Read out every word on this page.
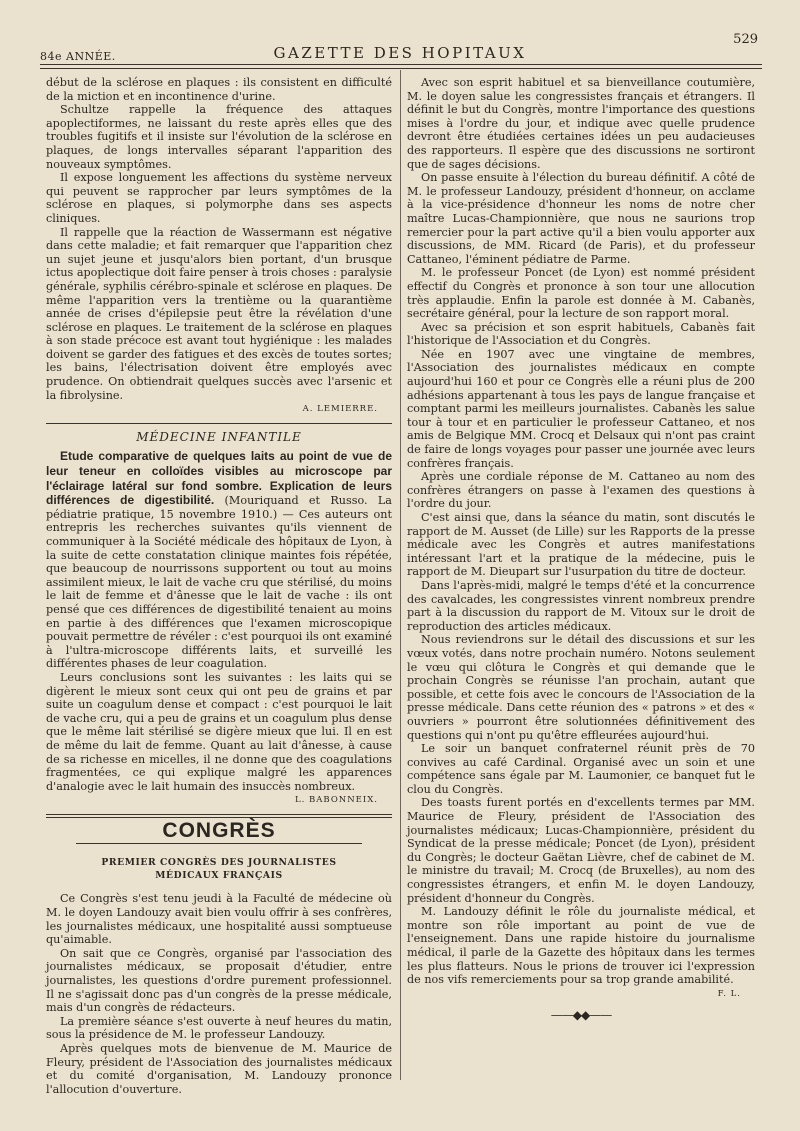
84e ANNÉE.	GAZETTE DES HOPITAUX
529

début de la sclérose en plaques : ils consistent en difficulté de la miction et en incontinence d'urine.

Schultze rappelle la fréquence des attaques apoplectiformes, ne laissant du reste après elles que des troubles fugitifs et il insiste sur l'évolution de la sclérose en plaques, de longs intervalles séparant l'apparition des nouveaux symptômes.

Il expose longuement les affections du système nerveux qui peuvent se rapprocher par leurs symptômes de la sclérose en plaques, si polymorphe dans ses aspects cliniques.

Il rappelle que la réaction de Wassermann est négative dans cette maladie; et fait remarquer que l'apparition chez un sujet jeune et jusqu'alors bien portant, d'un brusque ictus apoplectique doit faire penser à trois choses : paralysie générale, syphilis cérébro-spinale et sclérose en plaques. De même l'apparition vers la trentième ou la quarantième année de crises d'épilepsie peut être la révélation d'une sclérose en plaques. Le traitement de la sclérose en plaques à son stade précoce est avant tout hygiénique : les malades doivent se garder des fatigues et des excès de toutes sortes; les bains, l'électrisation doivent être employés avec prudence. On obtiendrait quelques succès avec l'arsenic et la fibrolysine.

A. LEMIERRE.
MÉDECINE INFANTILE

Etude comparative de quelques laits au point de vue de leur teneur en colloïdes visibles au microscope par l'éclairage latéral sur fond sombre. Explication de leurs différences de digestibilité. (Mouriquand et Russo. La pédiatrie pratique, 15 novembre 1910.) — Ces auteurs ont entrepris les recherches suivantes qu'ils viennent de communiquer à la Société médicale des hôpitaux de Lyon, à la suite de cette constatation clinique maintes fois répétée, que beaucoup de nourrissons supportent ou tout au moins assimilent mieux, le lait de vache cru que stérilisé, du moins le lait de femme et d'ânesse que le lait de vache : ils ont pensé que ces différences de digestibilité tenaient au moins en partie à des différences que l'examen microscopique pouvait permettre de révéler : c'est pourquoi ils ont examiné à l'ultra-microscope différents laits, et surveillé les différentes phases de leur coagulation.

Leurs conclusions sont les suivantes : les laits qui se digèrent le mieux sont ceux qui ont peu de grains et par suite un coagulum dense et compact : c'est pourquoi le lait de vache cru, qui a peu de grains et un coagulum plus dense que le même lait stérilisé se digère mieux que lui. Il en est de même du lait de femme. Quant au lait d'ânesse, à cause de sa richesse en micelles, il ne donne que des coagulations fragmentées, ce qui explique malgré les apparences d'analogie avec le lait humain des insuccès nombreux.

L. BABONNEIX.
CONGRÈS
PREMIER CONGRÈS DES JOURNALISTES
MÉDICAUX FRANÇAIS

Ce Congrès s'est tenu jeudi à la Faculté de médecine où M. le doyen Landouzy avait bien voulu offrir à ses confrères, les journalistes médicaux, une hospitalité aussi somptueuse qu'aimable.

On sait que ce Congrès, organisé par l'association des journalistes médicaux, se proposait d'étudier, entre journalistes, les questions d'ordre purement professionnel. Il ne s'agissait donc pas d'un congrès de la presse médicale, mais d'un congrès de rédacteurs.

La première séance s'est ouverte à neuf heures du matin, sous la présidence de M. le professeur Landouzy.

Après quelques mots de bienvenue de M. Maurice de Fleury, président de l'Association des journalistes médicaux et du comité d'organisation, M. Landouzy prononce l'allocution d'ouverture.

Avec son esprit habituel et sa bienveillance coutumière, M. le doyen salue les congressistes français et étrangers. Il définit le but du Congrès, montre l'importance des questions mises à l'ordre du jour, et indique avec quelle prudence devront être étudiées certaines idées un peu audacieuses des rapporteurs. Il espère que des discussions ne sortiront que de sages décisions.

On passe ensuite à l'élection du bureau définitif. A côté de M. le professeur Landouzy, président d'honneur, on acclame à la vice-présidence d'honneur les noms de notre cher maître Lucas-Championnière, que nous ne saurions trop remercier pour la part active qu'il a bien voulu apporter aux discussions, de MM. Ricard (de Paris), et du professeur Cattaneo, l'éminent pédiatre de Parme.

M. le professeur Poncet (de Lyon) est nommé président effectif du Congrès et prononce à son tour une allocution très applaudie. Enfin la parole est donnée à M. Cabanès, secrétaire général, pour la lecture de son rapport moral.

Avec sa précision et son esprit habituels, Cabanès fait l'historique de l'Association et du Congrès.

Née en 1907 avec une vingtaine de membres, l'Association des journalistes médicaux en compte aujourd'hui 160 et pour ce Congrès elle a réuni plus de 200 adhésions appartenant à tous les pays de langue française et comptant parmi les meilleurs journalistes. Cabanès les salue tour à tour et en particulier le professeur Cattaneo, et nos amis de Belgique MM. Crocq et Delsaux qui n'ont pas craint de faire de longs voyages pour passer une journée avec leurs confrères français.

Après une cordiale réponse de M. Cattaneo au nom des confrères étrangers on passe à l'examen des questions à l'ordre du jour.

C'est ainsi que, dans la séance du matin, sont discutés le rapport de M. Ausset (de Lille) sur les Rapports de la presse médicale avec les Congrès et autres manifestations intéressant l'art et la pratique de la médecine, puis le rapport de M. Dieupart sur l'usurpation du titre de docteur.

Dans l'après-midi, malgré le temps d'été et la concurrence des cavalcades, les congressistes vinrent nombreux prendre part à la discussion du rapport de M. Vitoux sur le droit de reproduction des articles médicaux.

Nous reviendrons sur le détail des discussions et sur les vœux votés, dans notre prochain numéro. Notons seulement le vœu qui clôtura le Congrès et qui demande que le prochain Congrès se réunisse l'an prochain, autant que possible, et cette fois avec le concours de l'Association de la presse médicale. Dans cette réunion des « patrons » et des « ouvriers » pourront être solutionnées définitivement des questions qui n'ont pu qu'être effleurées aujourd'hui.

Le soir un banquet confraternel réunit près de 70 convives au café Cardinal. Organisé avec un soin et une compétence sans égale par M. Laumonier, ce banquet fut le clou du Congrès.

Des toasts furent portés en d'excellents termes par MM. Maurice de Fleury, président de l'Association des journalistes médicaux; Lucas-Championnière, président du Syndicat de la presse médicale; Poncet (de Lyon), président du Congrès; le docteur Gaëtan Lièvre, chef de cabinet de M. le ministre du travail; M. Crocq (de Bruxelles), au nom des congressistes étrangers, et enfin M. le doyen Landouzy, président d'honneur du Congrès.

M. Landouzy définit le rôle du journaliste médical, et montre son rôle important au point de vue de l'enseignement. Dans une rapide histoire du journalisme médical, il parle de la Gazette des hôpitaux dans les termes les plus flatteurs. Nous le prions de trouver ici l'expression de nos vifs remerciements pour sa trop grande amabilité.

F. L.
——◆◆——
